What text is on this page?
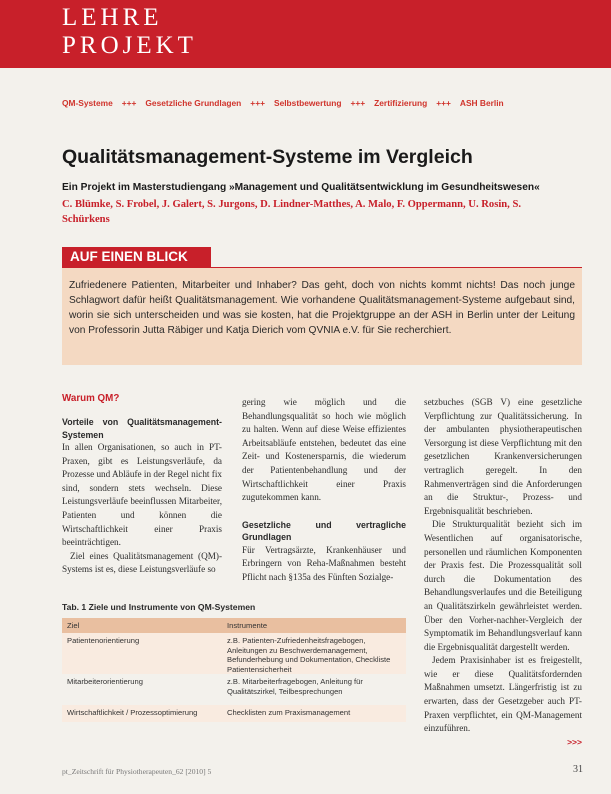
LEHRE
PROJEKT
QM-Systeme +++ Gesetzliche Grundlagen +++ Selbstbewertung +++ Zertifizierung +++ ASH Berlin
Qualitätsmanagement-Systeme im Vergleich
Ein Projekt im Masterstudiengang »Management und Qualitätsentwicklung im Gesundheitswesen«
C. Blümke, S. Frobel, J. Galert, S. Jurgons, D. Lindner-Matthes, A. Malo, F. Oppermann, U. Rosin, S. Schürkens
AUF EINEN BLICK
Zufriedenere Patienten, Mitarbeiter und Inhaber? Das geht, doch von nichts kommt nichts! Das noch junge Schlagwort dafür heißt Qualitätsmanagement. Wie vorhandene Qualitätsmanagement-Systeme aufgebaut sind, worin sie sich unterscheiden und was sie kosten, hat die Projektgruppe an der ASH in Berlin unter der Leitung von Professorin Jutta Räbiger und Katja Dierich vom QVNIA e.V. für Sie recherchiert.
Warum QM?
Vorteile von Qualitätsmanagement-Systemen

In allen Organisationen, so auch in PT-Praxen, gibt es Leistungsverläufe, da Prozesse und Abläufe in der Regel nicht fix sind, sondern stets wechseln. Diese Leistungsverläufe beeinflussen Mitarbeiter, Patienten und können die Wirtschaftlichkeit einer Praxis beeinträchtigen.

Ziel eines Qualitätsmanagement (QM)-Systems ist es, diese Leistungsverläufe so

gering wie möglich und die Behandlungsqualität so hoch wie möglich zu halten. Wenn auf diese Weise effizientes Arbeitsabläufe entstehen, bedeutet das eine Zeit- und Kostenersparnis, die wiederum der Patientenbehandlung und der Wirtschaftlichkeit einer Praxis zugutekommen kann.

Gesetzliche und vertragliche Grundlagen

Für Vertragsärzte, Krankenhäuser und Erbringern von Reha-Maßnahmen besteht Pflicht nach §135a des Fünften Sozialge-

setzbuches (SGB V) eine gesetzliche Verpflichtung zur Qualitätssicherung. In der ambulanten physiotherapeutischen Versorgung ist diese Verpflichtung mit den gesetzlichen Krankenversicherungen vertraglich geregelt. In den Rahmenverträgen sind die Anforderungen an die Struktur-, Prozess- und Ergebnisqualität beschrieben.

Die Strukturqualität bezieht sich im Wesentlichen auf organisatorische, personellen und räumlichen Komponenten der Praxis fest. Die Prozessqualität soll durch die Dokumentation des Behandlungsverlaufes und die Beteiligung an Qualitätszirkeln gewährleistet werden. Über den Vorher-nachher-Vergleich der Symptomatik im Behandlungsverlauf kann die Ergebnisqualität dargestellt werden.

Jedem Praxisinhaber ist es freigestellt, wie er diese Qualitätsfordernden Maßnahmen umsetzt. Längerfristig ist zu erwarten, dass der Gesetzgeber auch PT-Praxen verpflichtet, ein QM-Management einzuführen.

>>>
Tab. 1 Ziele und Instrumente von QM-Systemen
Ziel	Instrumente
Patientenorientierung	z.B. Patienten-Zufriedenheitsfragebogen, Anleitungen zu Beschwerdemanagement, Befunderhebung und Dokumentation, Checkliste Patientensicherheit
Mitarbeiterorientierung	z.B. Mitarbeiterfragebogen, Anleitung für Qualitätszirkel, Teilbesprechungen
Wirtschaftlichkeit / Prozessoptimierung	Checklisten zum Praxismanagement
pt_Zeitschrift für Physiotherapeuten_62 [2010] 5	31
